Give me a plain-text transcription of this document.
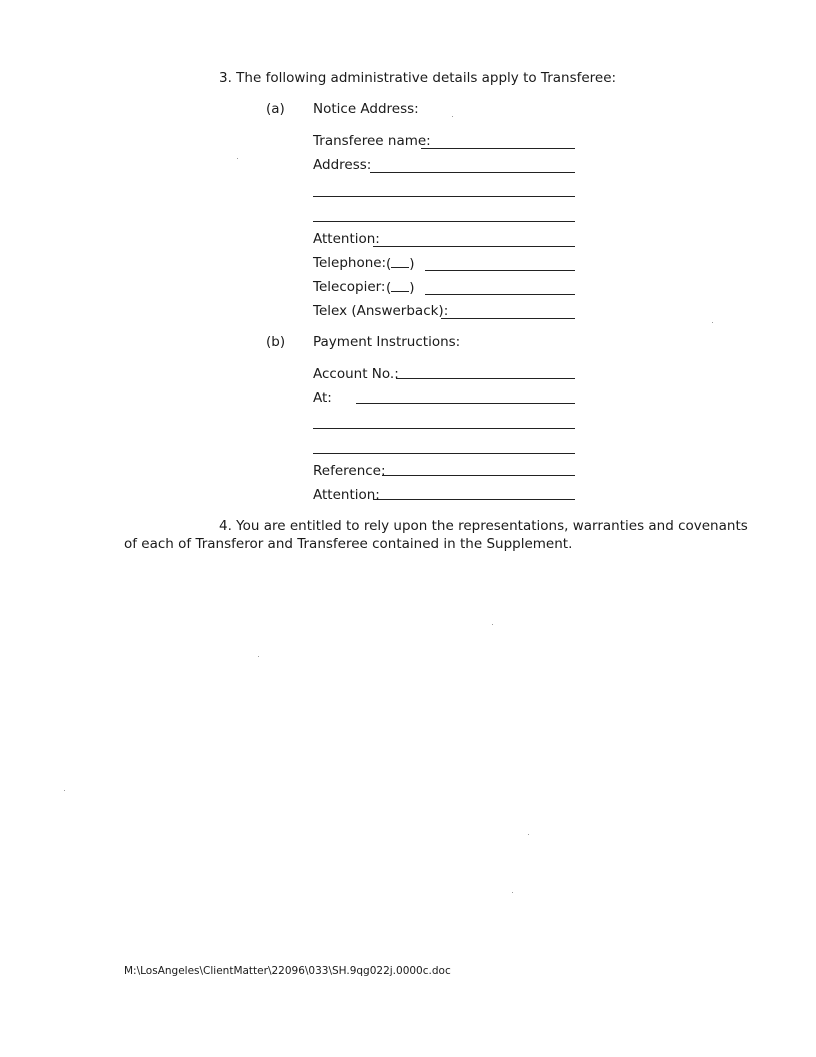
3. The following administrative details apply to Transferee:
(a) Notice Address:
Transferee name:
Address:
Attention:
Telephone: ( )
Telecopier: ( )
Telex (Answerback):
(b) Payment Instructions:
Account No.:
At:
Reference:
Attention:
4. You are entitled to rely upon the representations, warranties and covenants
of each of Transferor and Transferee contained in the Supplement.
M:\LosAngeles\ClientMatter\22096\033\SH.9qg022j.0000c.doc
